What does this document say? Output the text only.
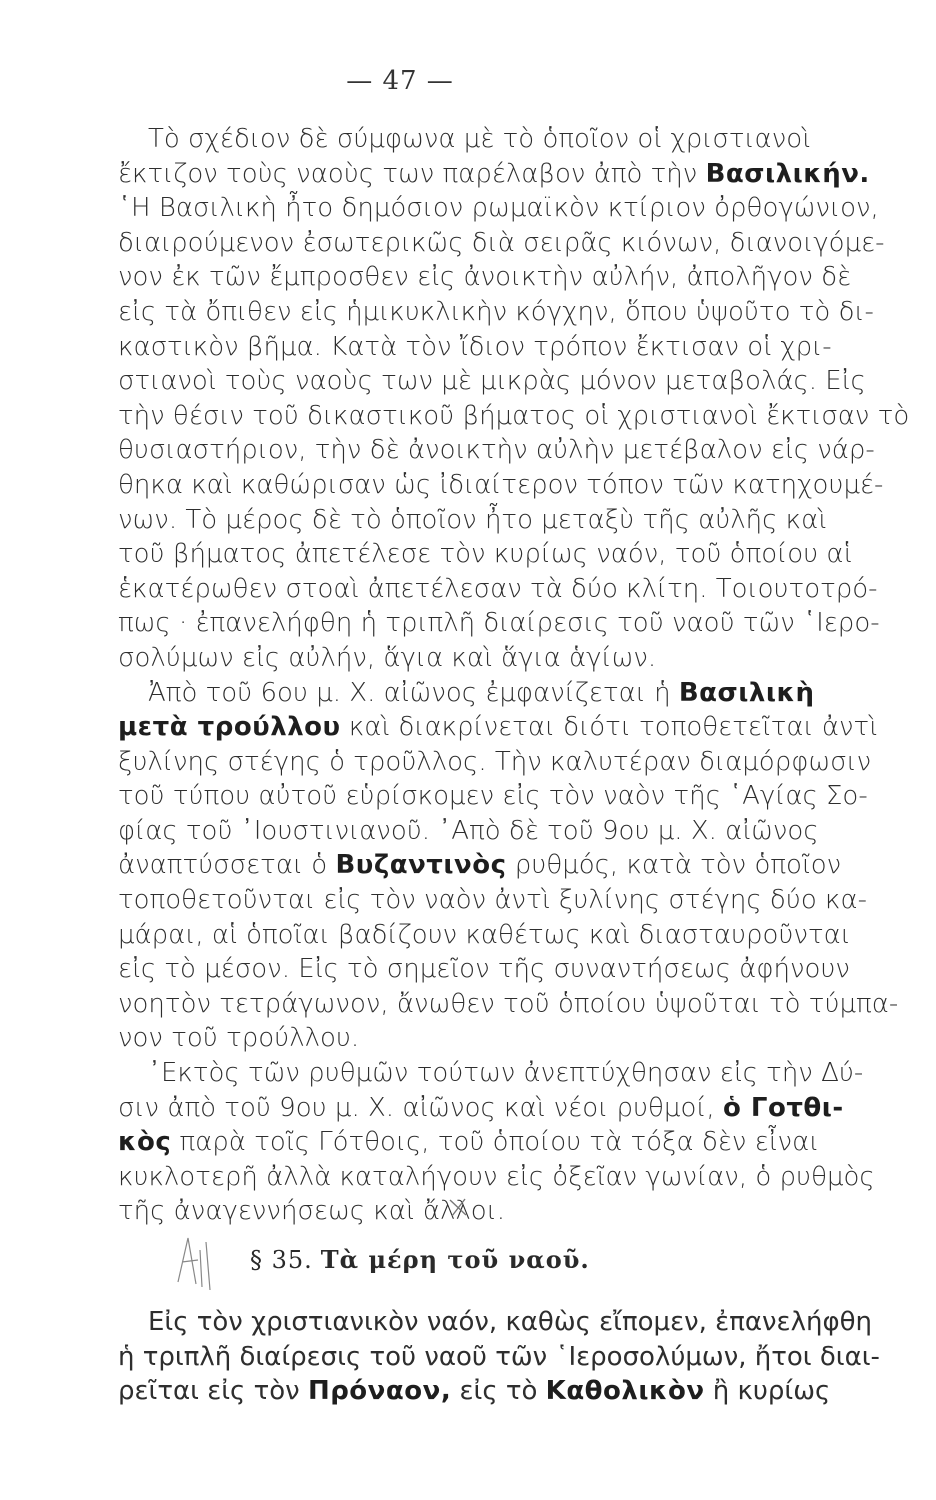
— 47 —
Τὸ σχέδιον δὲ σύμφωνα μὲ τὸ ὁποῖον οἱ χριστιανοὶ
ἔκτιζον τοὺς ναοὺς των παρέλαβον ἀπὸ τὴν Βασιλικήν.
῾Η Βασιλικὴ ἦτο δημόσιον ρωμαϊκὸν κτίριον ὀρθογώνιον,
διαιρούμενον ἐσωτερικῶς διὰ σειρᾶς κιόνων, διανοιγόμε-
νον ἐκ τῶν ἔμπροσθεν εἰς ἀνοικτὴν αὐλήν, ἀπολῆγον δὲ
εἰς τὰ ὄπιθεν εἰς ἡμικυκλικὴν κόγχην, ὅπου ὑψοῦτο τὸ δι-
καστικὸν βῆμα. Κατὰ τὸν ἴδιον τρόπον ἔκτισαν οἱ χρι-
στιανοὶ τοὺς ναοὺς των μὲ μικρὰς μόνον μεταβολάς. Εἰς
τὴν θέσιν τοῦ δικαστικοῦ βήματος οἱ χριστιανοὶ ἔκτισαν τὸ
θυσιαστήριον, τὴν δὲ ἀνοικτὴν αὐλὴν μετέβαλον εἰς νάρ-
θηκα καὶ καθώρισαν ὡς ἰδιαίτερον τόπον τῶν κατηχουμέ-
νων. Τὸ μέρος δὲ τὸ ὁποῖον ἦτο μεταξὺ τῆς αὐλῆς καὶ
τοῦ βήματος ἀπετέλεσε τὸν κυρίως ναόν, τοῦ ὁποίου αἱ
ἑκατέρωθεν στοαὶ ἀπετέλεσαν τὰ δύο κλίτη. Τοιουτοτρό-
πως · ἐπανελήφθη ἡ τριπλῆ διαίρεσις τοῦ ναοῦ τῶν ῾Ιερο-
σολύμων εἰς αὐλήν, ἅγια καὶ ἅγια ἁγίων.
Ἀπὸ τοῦ 6ου μ. Χ. αἰῶνος ἐμφανίζεται ἡ Βασιλικὴ
μετὰ τρούλλου καὶ διακρίνεται διότι τοποθετεῖται ἀντὶ
ξυλίνης στέγης ὁ τροῦλλος. Τὴν καλυτέραν διαμόρφωσιν
τοῦ τύπου αὐτοῦ εὑρίσκομεν εἰς τὸν ναὸν τῆς ῾Αγίας Σο-
φίας τοῦ ᾿Ιουστινιανοῦ. ᾿Απὸ δὲ τοῦ 9ου μ. Χ. αἰῶνος
ἀναπτύσσεται ὁ Βυζαντινὸς ρυθμός, κατὰ τὸν ὁποῖον
τοποθετοῦνται εἰς τὸν ναὸν ἀντὶ ξυλίνης στέγης δύο κα-
μάραι, αἱ ὁποῖαι βαδίζουν καθέτως καὶ διασταυροῦνται
εἰς τὸ μέσον. Εἰς τὸ σημεῖον τῆς συναντήσεως ἀφήνουν
νοητὸν τετράγωνον, ἄνωθεν τοῦ ὁποίου ὑψοῦται τὸ τύμπα-
νον τοῦ τρούλλου.
᾿Εκτὸς τῶν ρυθμῶν τούτων ἀνεπτύχθησαν εἰς τὴν Δύ-
σιν ἀπὸ τοῦ 9ου μ. Χ. αἰῶνος καὶ νέοι ρυθμοί, ὁ Γοτθι-
κὸς παρὰ τοῖς Γότθοις, τοῦ ὁποίου τὰ τόξα δὲν εἶναι
κυκλοτερῆ ἀλλὰ καταλήγουν εἰς ὀξεῖαν γωνίαν, ὁ ρυθμὸς
τῆς ἀναγεννήσεως καὶ ἄλλοι.
§ 35. Τὰ μέρη τοῦ ναοῦ.
Εἰς τὸν χριστιανικὸν ναόν, καθὼς εἴπομεν, ἐπανελήφθη
ἡ τριπλῆ διαίρεσις τοῦ ναοῦ τῶν ῾Ιεροσολύμων, ἤτοι διαι-
ρεῖται εἰς τὸν Πρόναον, εἰς τὸ Καθολικὸν ἢ κυρίως
